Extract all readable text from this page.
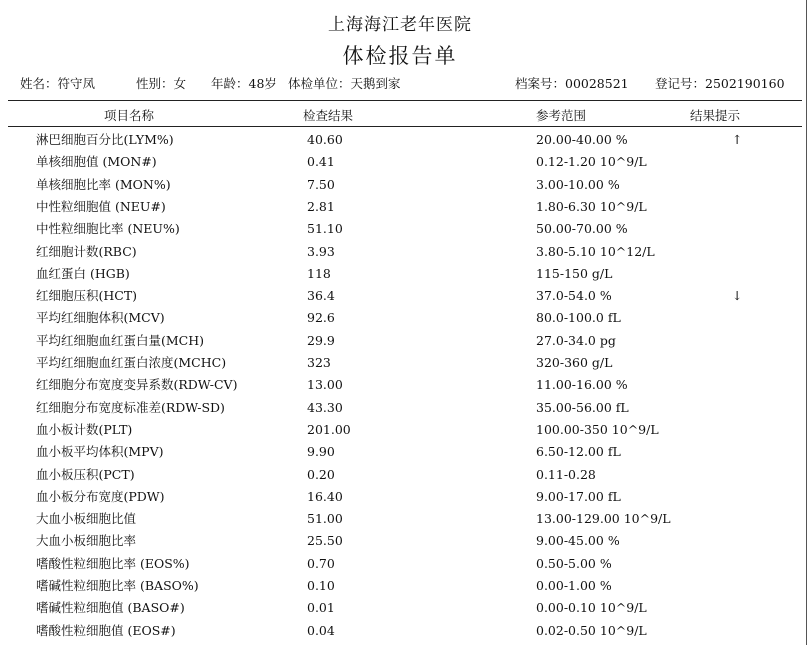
上海海江老年医院
体检报告单
姓名：符守凤	性别：女 年龄：48岁 体检单位：天鹅到家	档案号：00028521 登记号：2502190160
项目名称	检查结果	参考范围	结果提示
淋巴细胞百分比(LYM%)	40.60	20.00-40.00 %	↑
单核细胞值 (MON#)	0.41	0.12-1.20 10^9/L
单核细胞比率 (MON%)	7.50	3.00-10.00 %
中性粒细胞值 (NEU#)	2.81	1.80-6.30 10^9/L
中性粒细胞比率 (NEU%)	51.10	50.00-70.00 %
红细胞计数(RBC)	3.93	3.80-5.10 10^12/L
血红蛋白 (HGB)	118	115-150 g/L
红细胞压积(HCT)	36.4	37.0-54.0 %	↓
平均红细胞体积(MCV)	92.6	80.0-100.0 fL
平均红细胞血红蛋白量(MCH)	29.9	27.0-34.0 pg
平均红细胞血红蛋白浓度(MCHC)	323	320-360 g/L
红细胞分布宽度变异系数(RDW-CV)	13.00	11.00-16.00 %
红细胞分布宽度标准差(RDW-SD)	43.30	35.00-56.00 fL
血小板计数(PLT)	201.00	100.00-350 10^9/L
血小板平均体积(MPV)	9.90	6.50-12.00 fL
血小板压积(PCT)	0.20	0.11-0.28
血小板分布宽度(PDW)	16.40	9.00-17.00 fL
大血小板细胞比值	51.00	13.00-129.00 10^9/L
大血小板细胞比率	25.50	9.00-45.00 %
嗜酸性粒细胞比率 (EOS%)	0.70	0.50-5.00 %
嗜碱性粒细胞比率 (BASO%)	0.10	0.00-1.00 %
嗜碱性粒细胞值 (BASO#)	0.01	0.00-0.10 10^9/L
嗜酸性粒细胞值 (EOS#)	0.04	0.02-0.50 10^9/L
